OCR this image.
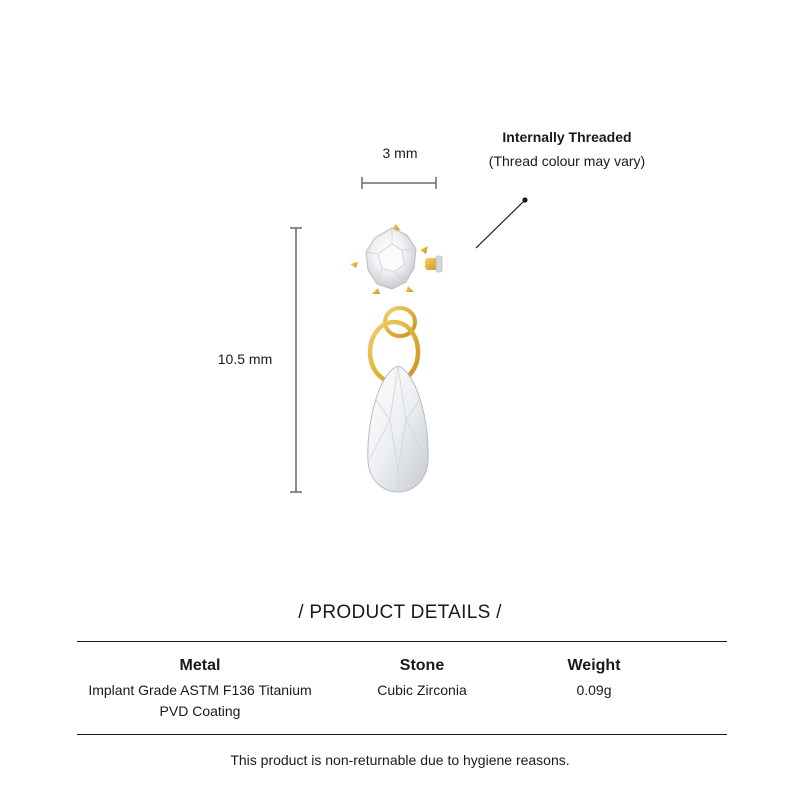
3 mm
10.5 mm
Internally Threaded
(Thread colour may vary)
/ PRODUCT DETAILS /
Metal
Implant Grade ASTM F136 Titanium
PVD Coating
Stone
Cubic Zirconia
Weight
0.09g
This product is non-returnable due to hygiene reasons.
